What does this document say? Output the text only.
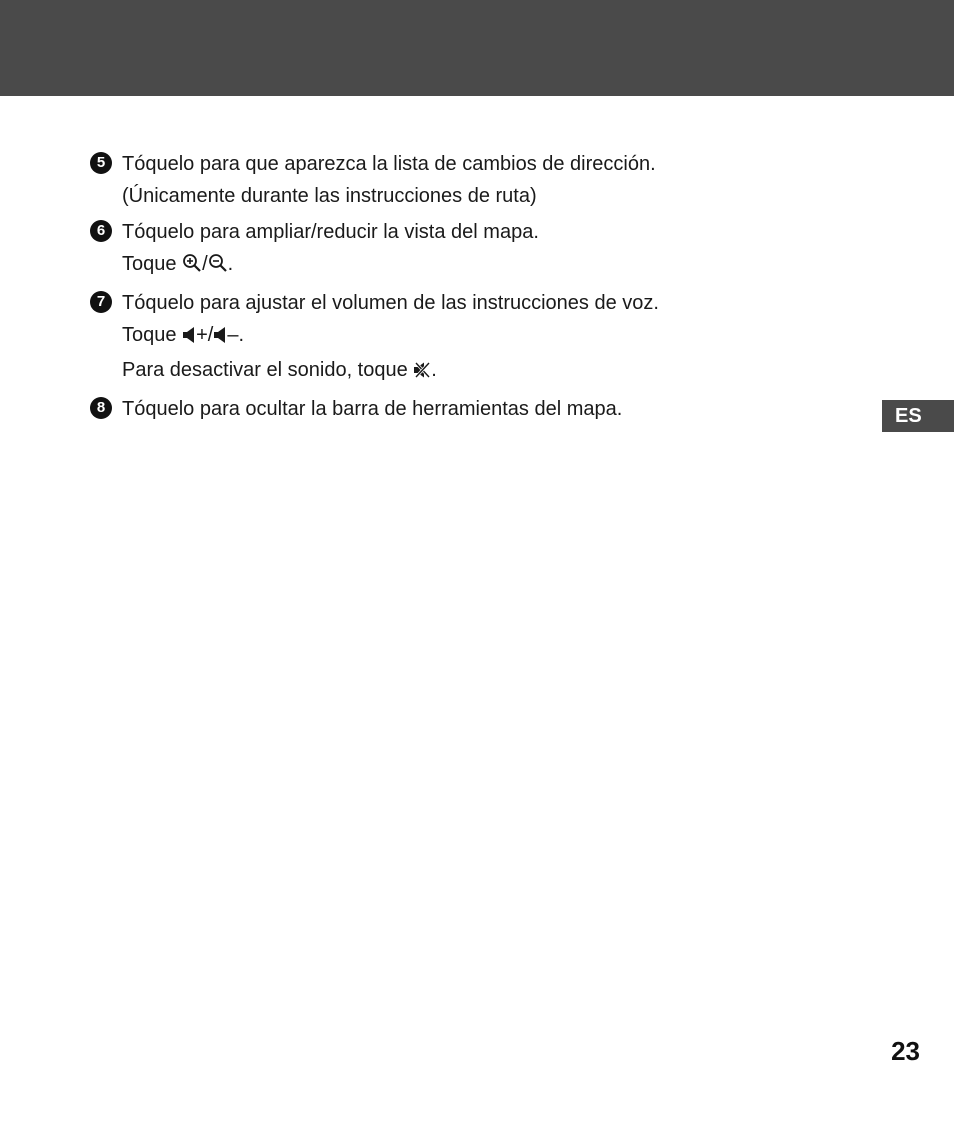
5 Tóquelo para que aparezca la lista de cambios de dirección.
(Únicamente durante las instrucciones de ruta)
6 Tóquelo para ampliar/reducir la vista del mapa.
Toque / .
7 Tóquelo para ajustar el volumen de las instrucciones de voz.
Toque +/ –.
Para desactivar el sonido, toque .
8 Tóquelo para ocultar la barra de herramientas del mapa.	ES
23
